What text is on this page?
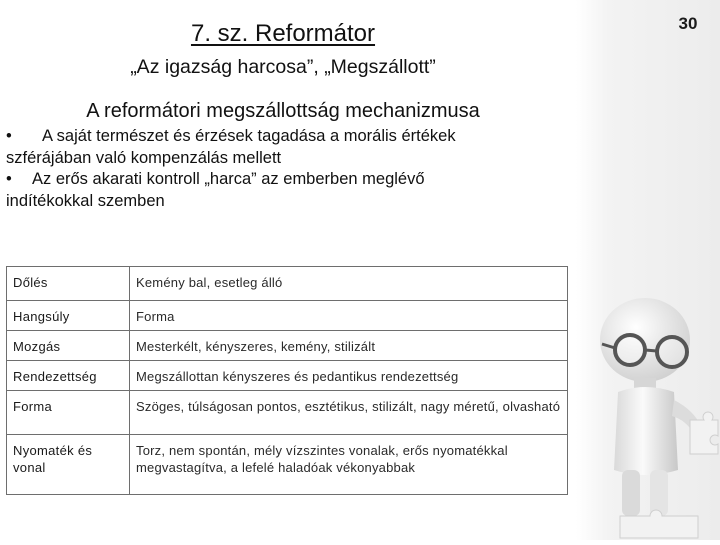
30
7. sz. Reformátor
„Az igazság harcosa”, „Megszállott”
A reformátori megszállottság mechanizmusa

• A saját természet és érzések tagadása a morális értékek

szférájában való kompenzálás mellett

• Az erős akarati kontroll „harca” az emberben meglévő

indítékokkal szemben

Dőlés	Kemény bal, esetleg álló
Hangsúly	Forma
Mozgás	Mesterkélt, kényszeres, kemény, stilizált
Rendezettség	Megszállottan kényszeres és pedantikus rendezettség
Forma	Szöges, túlságosan pontos, esztétikus, stilizált, nagy méretű, olvasható
Nyomaték és vonal	Torz, nem spontán, mély vízszintes vonalak, erős nyomatékkal megvastagítva, a lefelé haladóak vékonyabbak
